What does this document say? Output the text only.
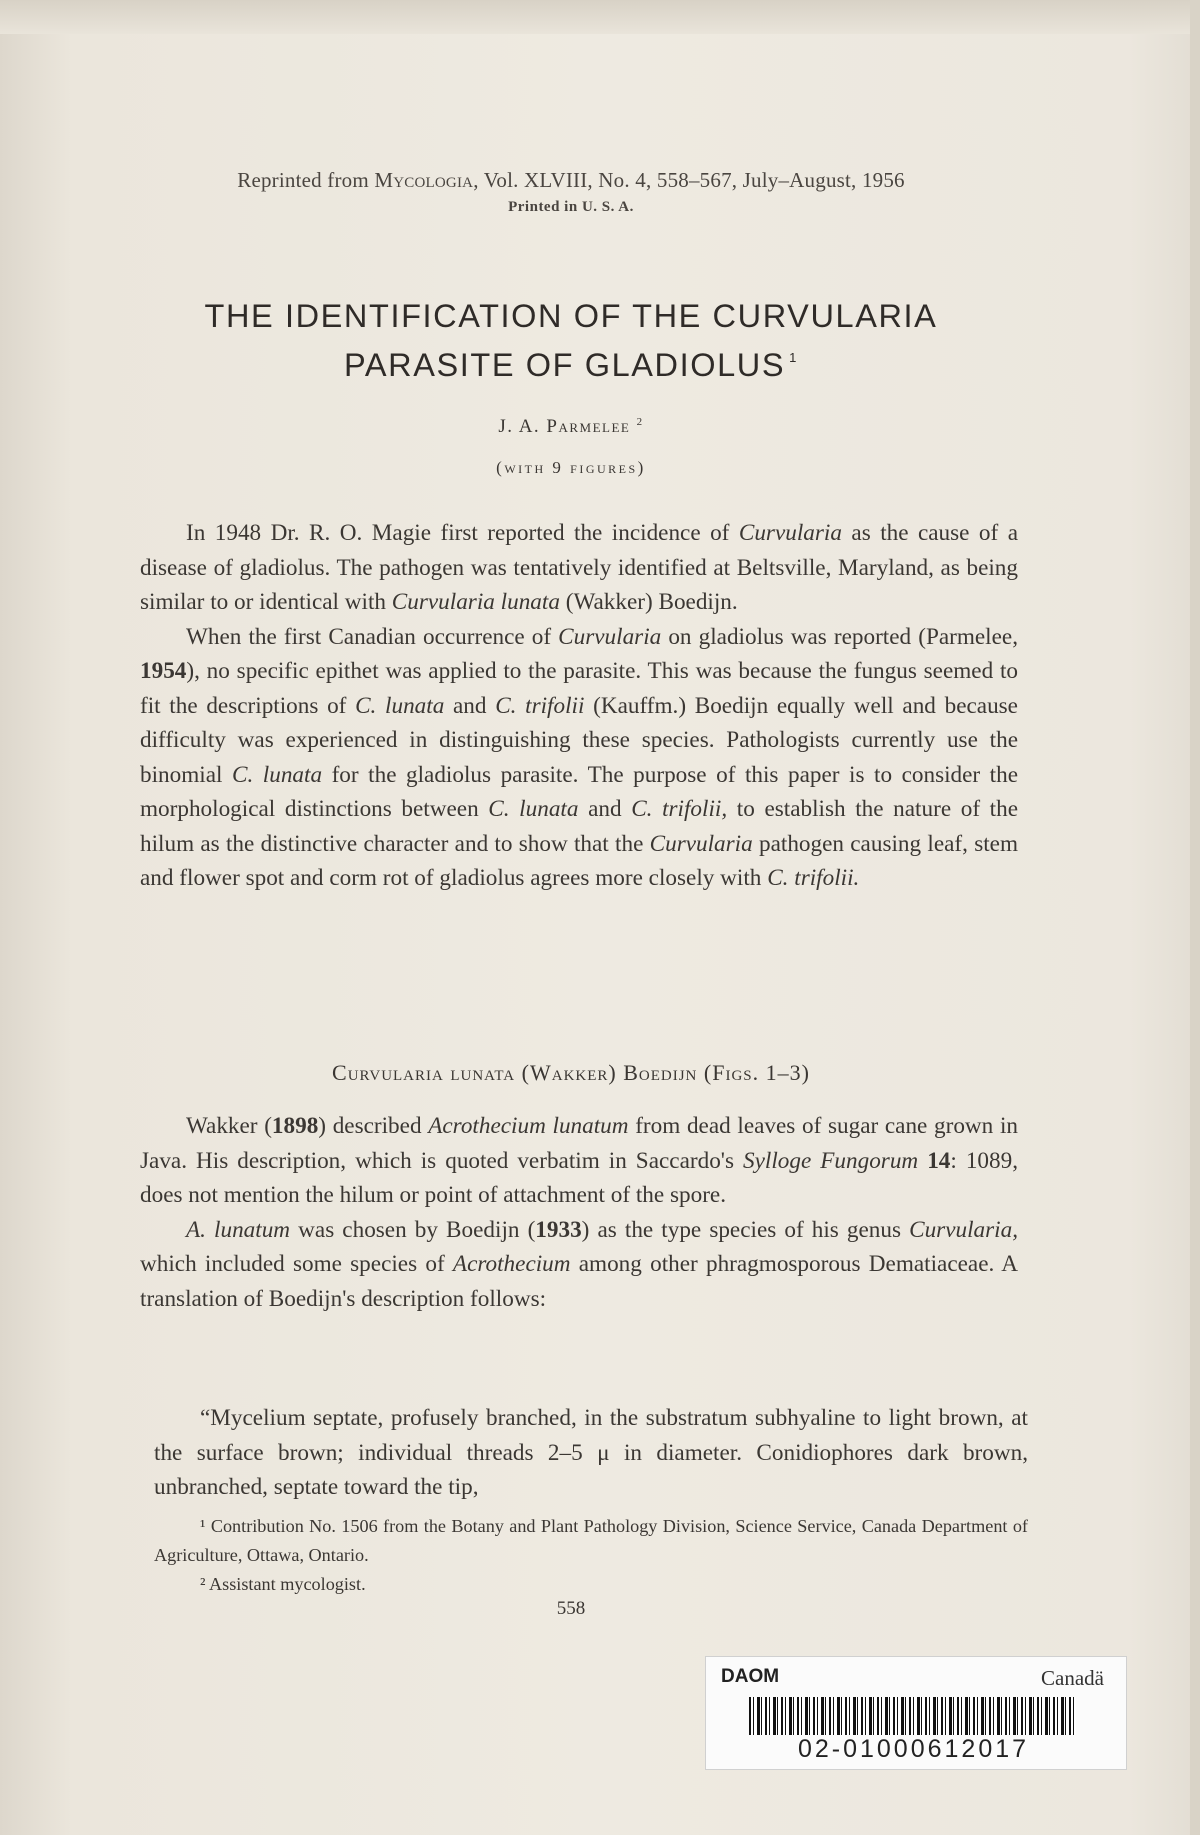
Reprinted from Mycologia, Vol. XLVIII, No. 4, 558–567, July–August, 1956
Printed in U. S. A.
THE IDENTIFICATION OF THE CURVULARIA
PARASITE OF GLADIOLUS $^1$
J. A. Parmelee $^2$
(with 9 figures)

In 1948 Dr. R. O. Magie first reported the incidence of Curvularia as the cause of a disease of gladiolus. The pathogen was tentatively identified at Beltsville, Maryland, as being similar to or identical with Curvularia lunata (Wakker) Boedijn.

When the first Canadian occurrence of Curvularia on gladiolus was reported (Parmelee, 1954), no specific epithet was applied to the parasite. This was because the fungus seemed to fit the descriptions of C. lunata and C. trifolii (Kauffm.) Boedijn equally well and because difficulty was experienced in distinguishing these species. Pathologists currently use the binomial C. lunata for the gladiolus parasite. The purpose of this paper is to consider the morphological distinctions between C. lunata and C. trifolii, to establish the nature of the hilum as the distinctive character and to show that the Curvularia pathogen causing leaf, stem and flower spot and corm rot of gladiolus agrees more closely with C. trifolii.

Curvularia lunata (Wakker) Boedijn (Figs. 1–3)

Wakker (1898) described Acrothecium lunatum from dead leaves of sugar cane grown in Java. His description, which is quoted verbatim in Saccardo's Sylloge Fungorum 14: 1089, does not mention the hilum or point of attachment of the spore.

A. lunatum was chosen by Boedijn (1933) as the type species of his genus Curvularia, which included some species of Acrothecium among other phragmosporous Dematiaceae. A translation of Boedijn's description follows:

“Mycelium septate, profusely branched, in the substratum subhyaline to light brown, at the surface brown; individual threads 2–5 μ in diameter. Conidiophores dark brown, unbranched, septate toward the tip,

¹ Contribution No. 1506 from the Botany and Plant Pathology Division, Science Service, Canada Department of Agriculture, Ottawa, Ontario.

² Assistant mycologist.

558
DAOM	Canadä
02-01000612017
